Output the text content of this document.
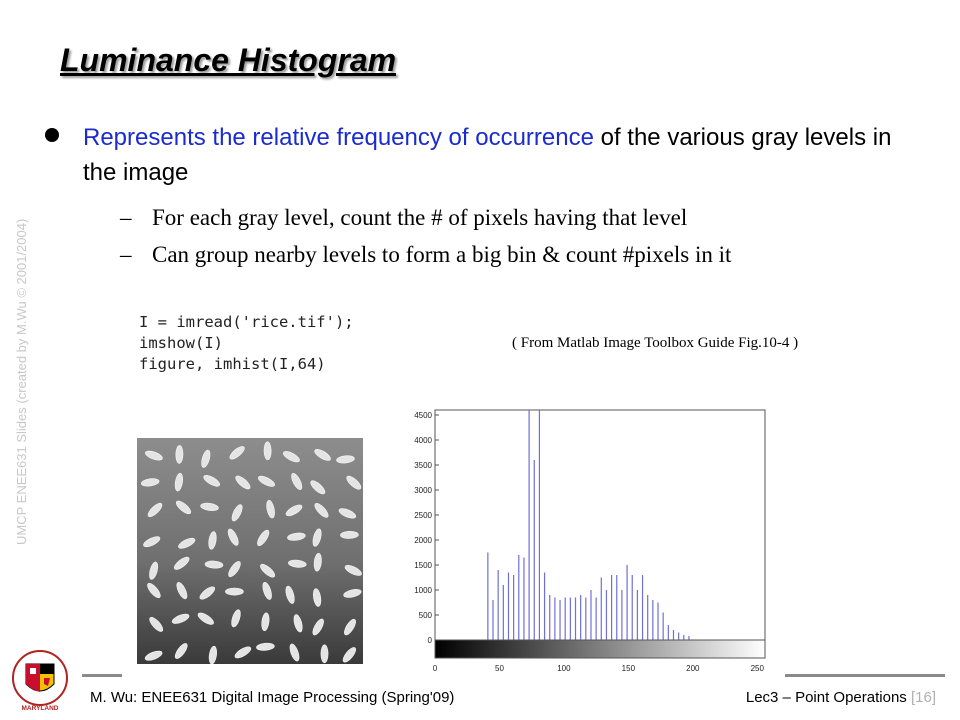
UMCP ENEE631 Slides (created by M.Wu © 2001/2004)
Luminance Histogram
Represents the relative frequency of occurrence of the various gray levels in the image
– For each gray level, count the # of pixels having that level
– Can group nearby levels to form a big bin & count #pixels in it
I = imread('rice.tif');
imshow(I)
figure, imhist(I,64)
( From Matlab Image Toolbox Guide Fig.10-4 )
0
500
1000
1500
2000
2500
3000
3500
4000
4500
0	50	100	150	200	250
MARYLAND
M. Wu: ENEE631 Digital Image Processing (Spring'09)	Lec3 – Point Operations [16]
